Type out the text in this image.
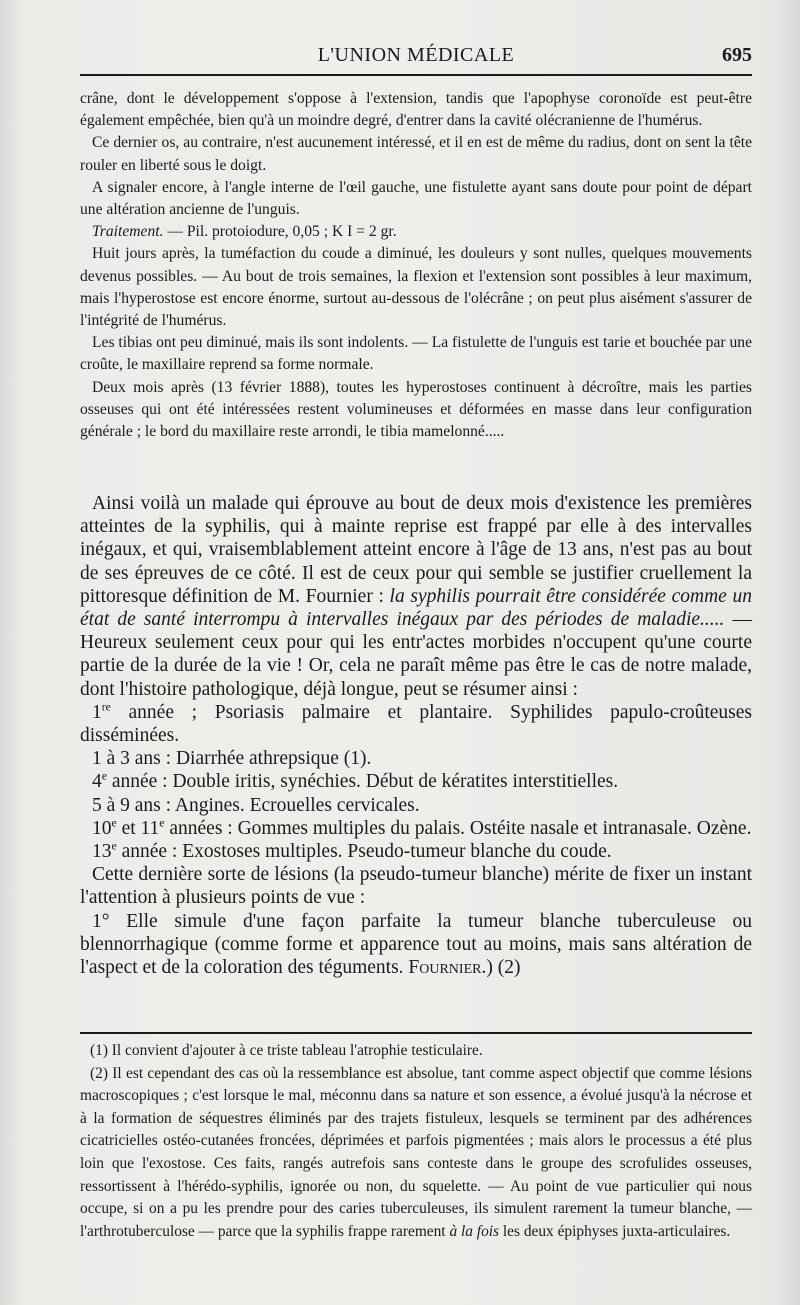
L'UNION MÉDICALE	695

crâne, dont le développement s'oppose à l'extension, tandis que l'apophyse coronoïde est peut-être également empêchée, bien qu'à un moindre degré, d'entrer dans la cavité olécranienne de l'humérus.

Ce dernier os, au contraire, n'est aucunement intéressé, et il en est de même du radius, dont on sent la tête rouler en liberté sous le doigt.

A signaler encore, à l'angle interne de l'œil gauche, une fistulette ayant sans doute pour point de départ une altération ancienne de l'unguis.

Traitement. — Pil. protoiodure, 0,05 ; K I = 2 gr.

Huit jours après, la tuméfaction du coude a diminué, les douleurs y sont nulles, quelques mouvements devenus possibles. — Au bout de trois semaines, la flexion et l'extension sont possibles à leur maximum, mais l'hyperostose est encore énorme, surtout au-dessous de l'olécrâne ; on peut plus aisément s'assurer de l'intégrité de l'humérus.

Les tibias ont peu diminué, mais ils sont indolents. — La fistulette de l'unguis est tarie et bouchée par une croûte, le maxillaire reprend sa forme normale.

Deux mois après (13 février 1888), toutes les hyperostoses continuent à décroître, mais les parties osseuses qui ont été intéressées restent volumineuses et déformées en masse dans leur configuration générale ; le bord du maxillaire reste arrondi, le tibia mamelonné.....

Ainsi voilà un malade qui éprouve au bout de deux mois d'existence les premières atteintes de la syphilis, qui à mainte reprise est frappé par elle à des intervalles inégaux, et qui, vraisemblablement atteint encore à l'âge de 13 ans, n'est pas au bout de ses épreuves de ce côté. Il est de ceux pour qui semble se justifier cruellement la pittoresque définition de M. Fournier : la syphilis pourrait être considérée comme un état de santé interrompu à intervalles inégaux par des périodes de maladie..... — Heureux seulement ceux pour qui les entr'actes morbides n'occupent qu'une courte partie de la durée de la vie ! Or, cela ne paraît même pas être le cas de notre malade, dont l'histoire pathologique, déjà longue, peut se résumer ainsi :

1re année ; Psoriasis palmaire et plantaire. Syphilides papulo-croûteuses disséminées.

1 à 3 ans : Diarrhée athrepsique (1).

4e année : Double iritis, synéchies. Début de kératites interstitielles.

5 à 9 ans : Angines. Ecrouelles cervicales.

10e et 11e années : Gommes multiples du palais. Ostéite nasale et intranasale. Ozène.

13e année : Exostoses multiples. Pseudo-tumeur blanche du coude.

Cette dernière sorte de lésions (la pseudo-tumeur blanche) mérite de fixer un instant l'attention à plusieurs points de vue :

1° Elle simule d'une façon parfaite la tumeur blanche tuberculeuse ou blennorrhagique (comme forme et apparence tout au moins, mais sans altération de l'aspect et de la coloration des téguments. Fournier.) (2)

(1) Il convient d'ajouter à ce triste tableau l'atrophie testiculaire.

(2) Il est cependant des cas où la ressemblance est absolue, tant comme aspect objectif que comme lésions macroscopiques ; c'est lorsque le mal, méconnu dans sa nature et son essence, a évolué jusqu'à la nécrose et à la formation de séquestres éliminés par des trajets fistuleux, lesquels se terminent par des adhérences cicatricielles ostéo-cutanées froncées, déprimées et parfois pigmentées ; mais alors le processus a été plus loin que l'exostose. Ces faits, rangés autrefois sans conteste dans le groupe des scrofulides osseuses, ressortissent à l'hérédo-syphilis, ignorée ou non, du squelette. — Au point de vue particulier qui nous occupe, si on a pu les prendre pour des caries tuberculeuses, ils simulent rarement la tumeur blanche, — l'arthrotuberculose — parce que la syphilis frappe rarement à la fois les deux épiphyses juxta-articulaires.
